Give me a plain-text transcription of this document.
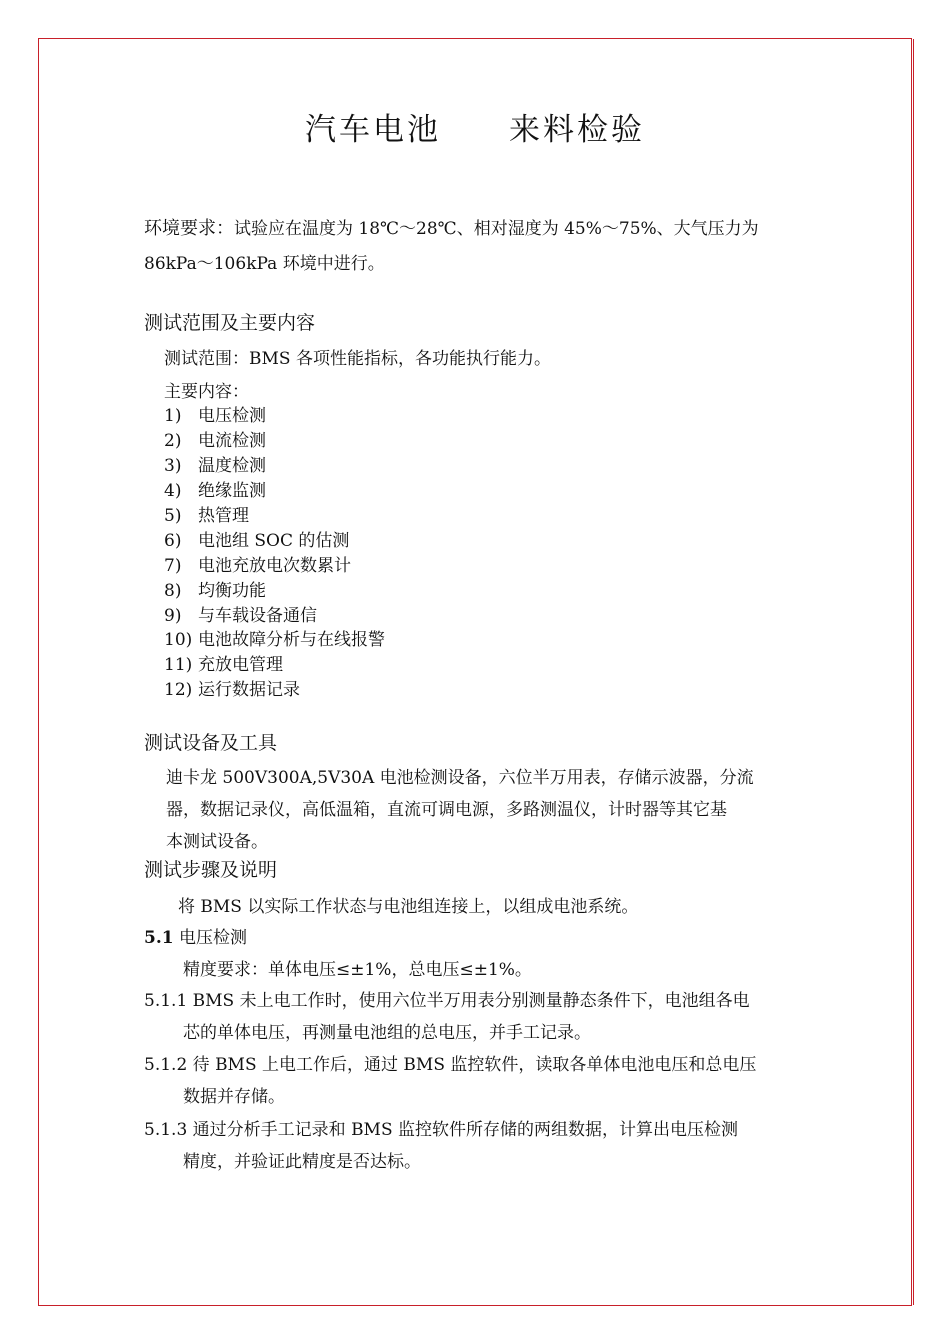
汽车电池　　来料检验
环境要求：试验应在温度为 18℃～28℃、相对湿度为 45%～75%、大气压力为
86kPa～106kPa 环境中进行。
测试范围及主要内容
测试范围：BMS 各项性能指标，各功能执行能力。
主要内容：
1) 电压检测
2) 电流检测
3) 温度检测
4) 绝缘监测
5) 热管理
6) 电池组 SOC 的估测
7) 电池充放电次数累计
8) 均衡功能
9) 与车载设备通信
10) 电池故障分析与在线报警
11) 充放电管理
12) 运行数据记录
测试设备及工具
迪卡龙 500V300A,5V30A 电池检测设备，六位半万用表，存储示波器，分流
器，数据记录仪，高低温箱，直流可调电源，多路测温仪，计时器等其它基
本测试设备。
测试步骤及说明
将 BMS 以实际工作状态与电池组连接上，以组成电池系统。
5.1 电压检测
精度要求：单体电压≤±1%，总电压≤±1%。
5.1.1 BMS 未上电工作时，使用六位半万用表分别测量静态条件下，电池组各电
芯的单体电压，再测量电池组的总电压，并手工记录。
5.1.2 待 BMS 上电工作后，通过 BMS 监控软件，读取各单体电池电压和总电压
数据并存储。
5.1.3 通过分析手工记录和 BMS 监控软件所存储的两组数据，计算出电压检测
精度，并验证此精度是否达标。
